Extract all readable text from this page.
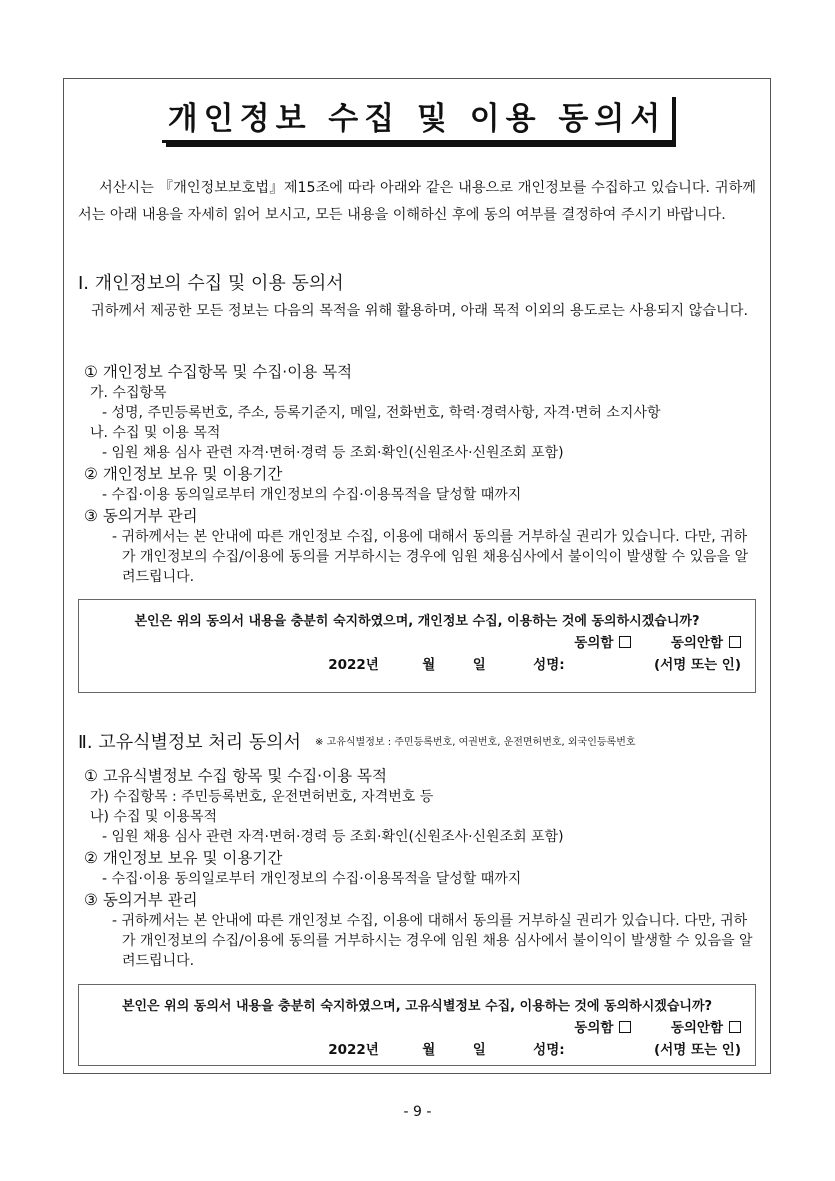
개인정보 수집 및 이용 동의서

서산시는 『개인정보보호법』제15조에 따라 아래와 같은 내용으로 개인정보를 수집하고 있습니다. 귀하께서는 아래 내용을 자세히 읽어 보시고, 모든 내용을 이해하신 후에 동의 여부를 결정하여 주시기 바랍니다.

Ⅰ. 개인정보의 수집 및 이용 동의서

귀하께서 제공한 모든 정보는 다음의 목적을 위해 활용하며, 아래 목적 이외의 용도로는 사용되지 않습니다.

① 개인정보 수집항목 및 수집·이용 목적

가. 수집항목

- 성명, 주민등록번호, 주소, 등록기준지, 메일, 전화번호, 학력·경력사항, 자격·면허 소지사항

나. 수집 및 이용 목적

- 임원 채용 심사 관련 자격·면허·경력 등 조회·확인(신원조사·신원조회 포함)

② 개인정보 보유 및 이용기간

- 수집·이용 동의일로부터 개인정보의 수집·이용목적을 달성할 때까지

③ 동의거부 관리

- 귀하께서는 본 안내에 따른 개인정보 수집, 이용에 대해서 동의를 거부하실 권리가 있습니다. 다만, 귀하가 개인정보의 수집/이용에 동의를 거부하시는 경우에 임원 채용심사에서 불이익이 발생할 수 있음을 알려드립니다.

본인은 위의 동의서 내용을 충분히 숙지하였으며, 개인정보 수집, 이용하는 것에 동의하시겠습니까?

동의함	동의안함

2022년	월	일	성명:	(서명 또는 인)

Ⅱ. 고유식별정보 처리 동의서 ※ 고유식별정보 : 주민등록번호, 여권번호, 운전면허번호, 외국인등록번호

① 고유식별정보 수집 항목 및 수집·이용 목적

가) 수집항목 : 주민등록번호, 운전면허번호, 자격번호 등

나) 수집 및 이용목적

- 임원 채용 심사 관련 자격·면허·경력 등 조회·확인(신원조사·신원조회 포함)

② 개인정보 보유 및 이용기간

- 수집·이용 동의일로부터 개인정보의 수집·이용목적을 달성할 때까지

③ 동의거부 관리

- 귀하께서는 본 안내에 따른 개인정보 수집, 이용에 대해서 동의를 거부하실 권리가 있습니다. 다만, 귀하가 개인정보의 수집/이용에 동의를 거부하시는 경우에 임원 채용 심사에서 불이익이 발생할 수 있음을 알려드립니다.

본인은 위의 동의서 내용을 충분히 숙지하였으며, 고유식별정보 수집, 이용하는 것에 동의하시겠습니까?

동의함	동의안함

2022년	월	일	성명:	(서명 또는 인)

- 9 -
